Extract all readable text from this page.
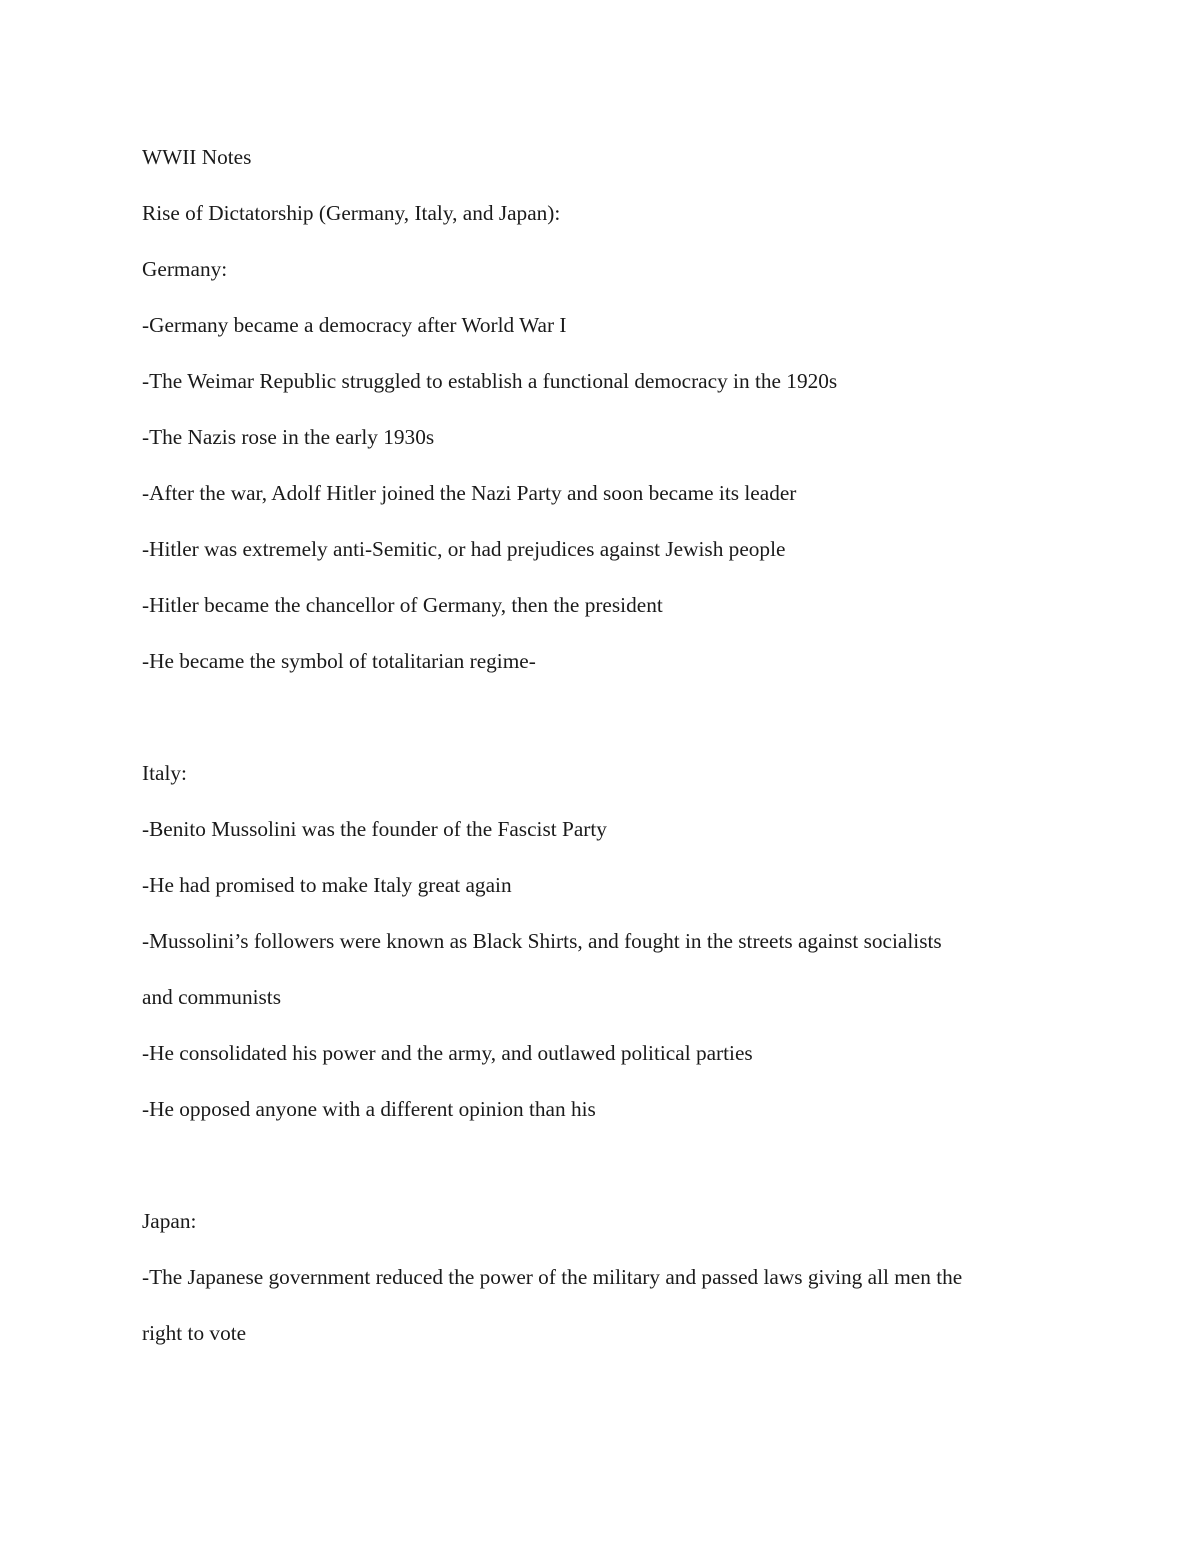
WWII Notes

Rise of Dictatorship (Germany, Italy, and Japan):

Germany:

-Germany became a democracy after World War I

-The Weimar Republic struggled to establish a functional democracy in the 1920s

-The Nazis rose in the early 1930s

-After the war, Adolf Hitler joined the Nazi Party and soon became its leader

-Hitler was extremely anti-Semitic, or had prejudices against Jewish people

-Hitler became the chancellor of Germany, then the president

-He became the symbol of totalitarian regime-

Italy:

-Benito Mussolini was the founder of the Fascist Party

-He had promised to make Italy great again

-Mussolini’s followers were known as Black Shirts, and fought in the streets against socialists

and communists

-He consolidated his power and the army, and outlawed political parties

-He opposed anyone with a different opinion than his

Japan:

-The Japanese government reduced the power of the military and passed laws giving all men the

right to vote
